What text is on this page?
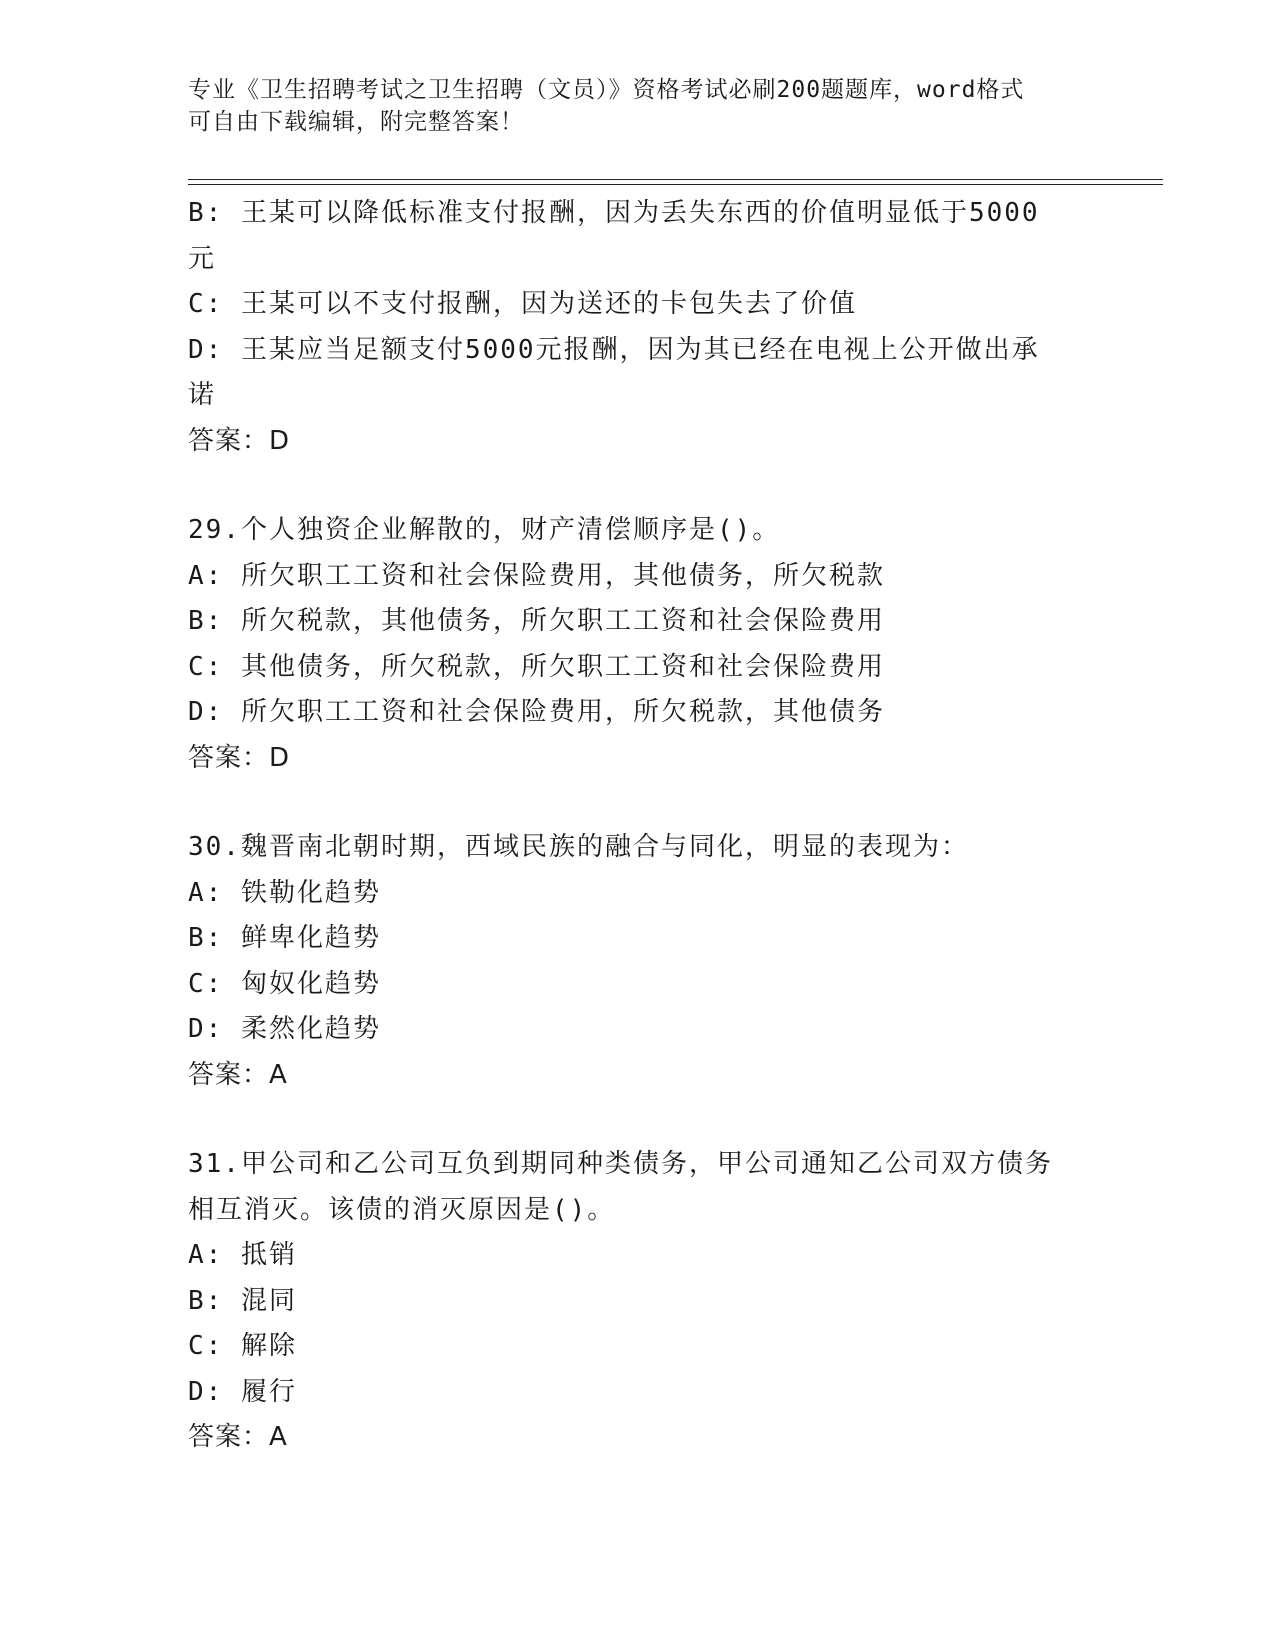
专业《卫生招聘考试之卫生招聘（文员）》资格考试必刷200题题库，word格式
可自由下载编辑，附完整答案！
B: 王某可以降低标准支付报酬，因为丢失东西的价值明显低于5000
元
C: 王某可以不支付报酬，因为送还的卡包失去了价值
D: 王某应当足额支付5000元报酬，因为其已经在电视上公开做出承
诺
答案：D
29.个人独资企业解散的，财产清偿顺序是()。
A: 所欠职工工资和社会保险费用，其他债务，所欠税款
B: 所欠税款，其他债务，所欠职工工资和社会保险费用
C: 其他债务，所欠税款，所欠职工工资和社会保险费用
D: 所欠职工工资和社会保险费用，所欠税款，其他债务
答案：D
30.魏晋南北朝时期，西域民族的融合与同化，明显的表现为：
A: 铁勒化趋势
B: 鲜卑化趋势
C: 匈奴化趋势
D: 柔然化趋势
答案：A
31.甲公司和乙公司互负到期同种类债务，甲公司通知乙公司双方债务
相互消灭。该债的消灭原因是()。
A: 抵销
B: 混同
C: 解除
D: 履行
答案：A
